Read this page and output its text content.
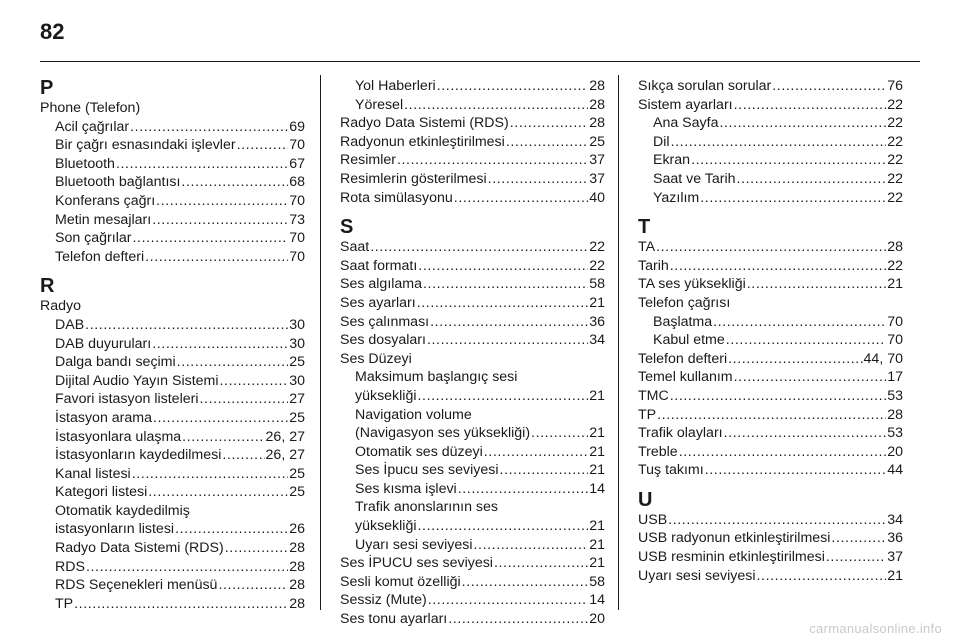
82
P
Phone (Telefon)
Acil çağrılar .....	69
Bir çağrı esnasındaki işlevler .....	70
Bluetooth .....	67
Bluetooth bağlantısı .....	68
Konferans çağrı .....	70
Metin mesajları .....	73
Son çağrılar .....	70
Telefon defteri .....	70
R
Radyo
DAB .....	30
DAB duyuruları .....	30
Dalga bandı seçimi .....	25
Dijital Audio Yayın Sistemi .....	30
Favori istasyon listeleri .....	27
İstasyon arama .....	25
İstasyonlara ulaşma .....	26, 27
İstasyonların kaydedilmesi .....	26, 27
Kanal listesi .....	25
Kategori listesi .....	25
Otomatik kaydedilmiş
istasyonların listesi .....	26
Radyo Data Sistemi (RDS) .....	28
RDS .....	28
RDS Seçenekleri menüsü .....	28
TP .....	28
Yol Haberleri .....	28
Yöresel .....	28
Radyo Data Sistemi (RDS) .....	28
Radyonun etkinleştirilmesi .....	25
Resimler .....	37
Resimlerin gösterilmesi .....	37
Rota simülasyonu .....	40
S
Saat .....	22
Saat formatı .....	22
Ses algılama .....	58
Ses ayarları .....	21
Ses çalınması .....	36
Ses dosyaları .....	34
Ses Düzeyi
Maksimum başlangıç sesi
yüksekliği .....	21
Navigation volume
(Navigasyon ses yüksekliği) .....	21
Otomatik ses düzeyi .....	21
Ses İpucu ses seviyesi .....	21
Ses kısma işlevi .....	14
Trafik anonslarının ses
yüksekliği .....	21
Uyarı sesi seviyesi .....	21
Ses İPUCU ses seviyesi .....	21
Sesli komut özelliği .....	58
Sessiz (Mute) .....	14
Ses tonu ayarları .....	20
Sıkça sorulan sorular .....	76
Sistem ayarları .....	22
Ana Sayfa .....	22
Dil .....	22
Ekran .....	22
Saat ve Tarih .....	22
Yazılım .....	22
T
TA .....	28
Tarih .....	22
TA ses yüksekliği .....	21
Telefon çağrısı
Başlatma .....	70
Kabul etme .....	70
Telefon defteri .....	44, 70
Temel kullanım .....	17
TMC .....	53
TP .....	28
Trafik olayları .....	53
Treble .....	20
Tuş takımı .....	44
U
USB .....	34
USB radyonun etkinleştirilmesi .....	36
USB resminin etkinleştirilmesi .....	37
Uyarı sesi seviyesi .....	21
carmanualsonline.info
